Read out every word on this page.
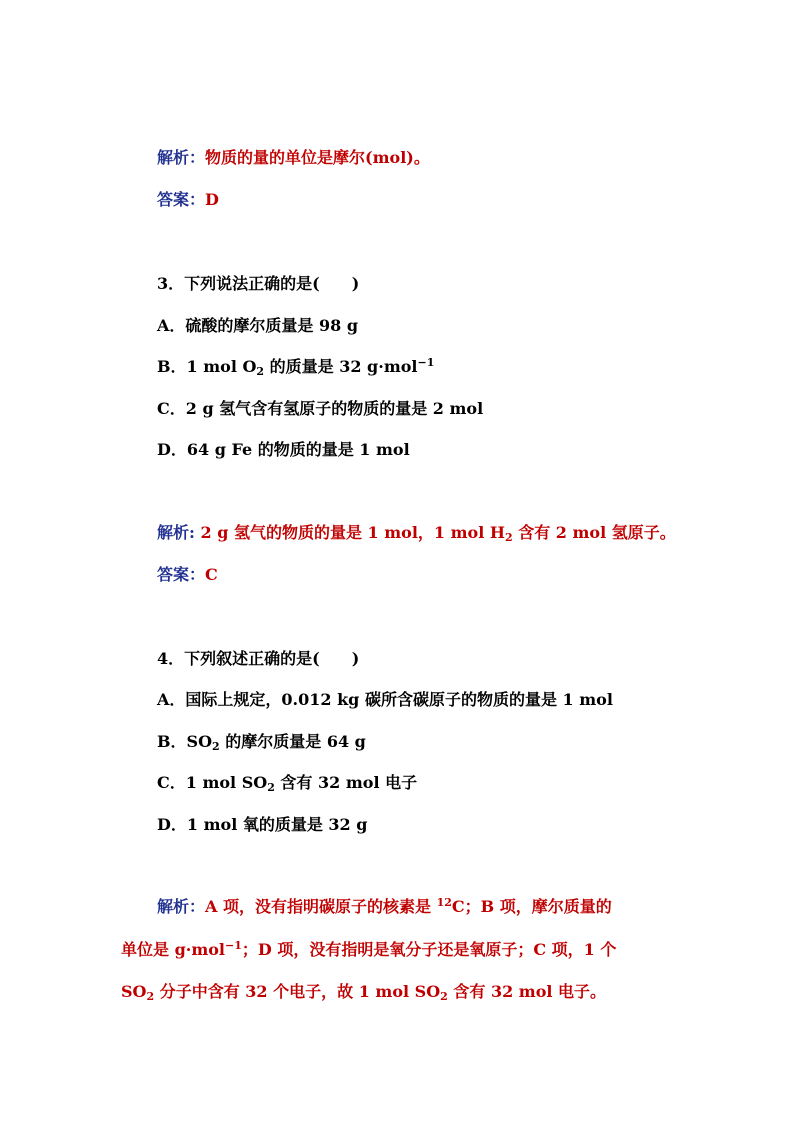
解析：物质的量的单位是摩尔(mol)。
答案：D
3．下列说法正确的是(　　)
A．硫酸的摩尔质量是 98 g
B．1 mol $O_2$ 的质量是 32 g·mol$^{-1}$
C．2 g 氢气含有氢原子的物质的量是 2 mol
D．64 g Fe 的物质的量是 1 mol
解析: 2 g 氢气的物质的量是 1 mol，1 mol $H_2$ 含有 2 mol 氢原子。
答案：C
4．下列叙述正确的是(　　)
A．国际上规定，0.012 kg 碳所含碳原子的物质的量是 1 mol
B．$SO_2$ 的摩尔质量是 64 g
C．1 mol $SO_2$ 含有 32 mol 电子
D．1 mol 氧的质量是 32 g
解析：A 项，没有指明碳原子的核素是 $^{12}$C；B 项，摩尔质量的
单位是 g·mol$^{-1}$；D 项，没有指明是氧分子还是氧原子；C 项，1 个
$SO_2$ 分子中含有 32 个电子，故 1 mol $SO_2$ 含有 32 mol 电子。
